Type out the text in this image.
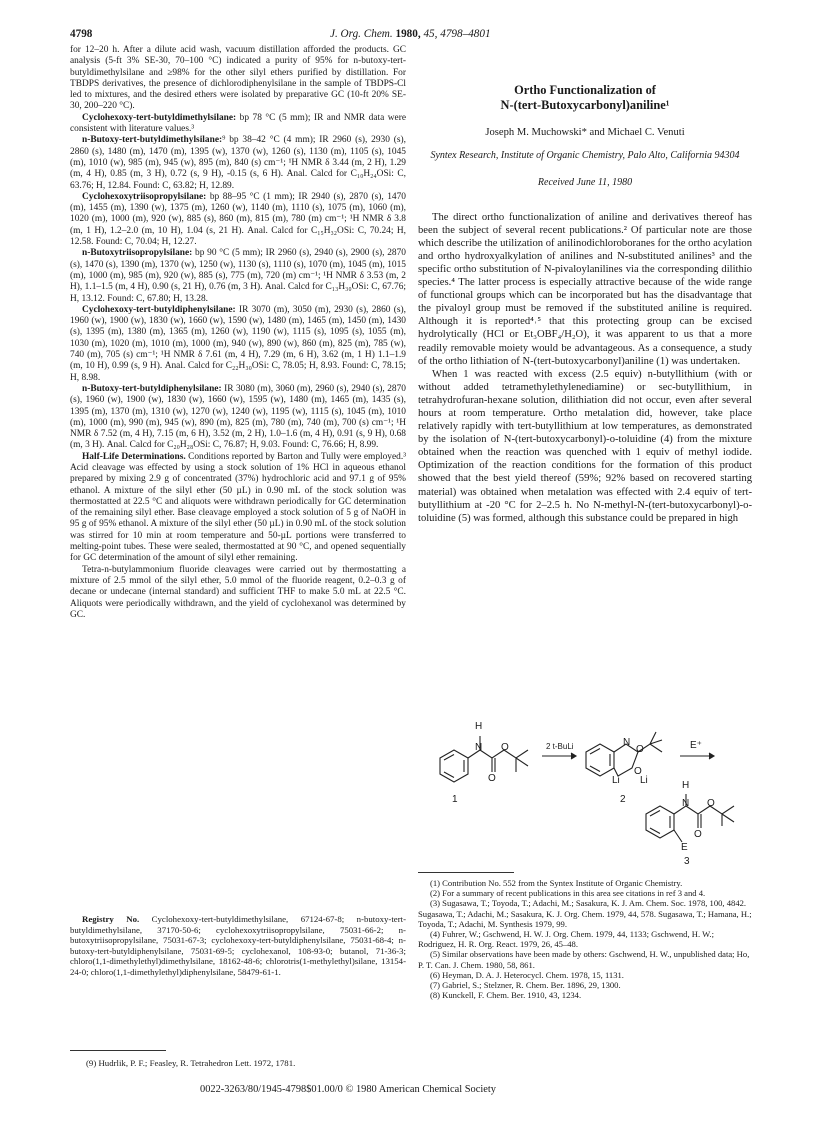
4798	J. Org. Chem. 1980, 45, 4798–4801

for 12–20 h. After a dilute acid wash, vacuum distillation afforded the products. GC analysis (5-ft 3% SE-30, 70–100 °C) indicated a purity of 95% for n-butoxy-tert-butyldimethylsilane and ≥98% for the other silyl ethers purified by distillation. For TBDPS derivatives, the presence of dichlorodiphenylsilane in the sample of TBDPS-Cl led to mixtures, and the desired ethers were isolated by preparative GC (10-ft 20% SE-30, 200–220 °C).

Cyclohexoxy-tert-butyldimethylsilane: bp 78 °C (5 mm); IR and NMR data were consistent with literature values.³

n-Butoxy-tert-butyldimethylsilane:⁹ bp 38–42 °C (4 mm); IR 2960 (s), 2930 (s), 2860 (s), 1480 (m), 1470 (m), 1395 (w), 1370 (w), 1260 (s), 1130 (m), 1105 (s), 1045 (m), 1010 (w), 985 (m), 945 (w), 895 (m), 840 (s) cm⁻¹; ¹H NMR δ 3.44 (m, 2 H), 1.29 (m, 4 H), 0.85 (m, 3 H), 0.72 (s, 9 H), -0.15 (s, 6 H). Anal. Calcd for C₁₀H₂₄OSi: C, 63.76; H, 12.84. Found: C, 63.82; H, 12.89.

Cyclohexoxytriisopropylsilane: bp 88–95 °C (1 mm); IR 2940 (s), 2870 (s), 1470 (m), 1455 (m), 1390 (w), 1375 (m), 1260 (w), 1140 (m), 1110 (s), 1075 (m), 1060 (m), 1020 (m), 1000 (m), 920 (w), 885 (s), 860 (m), 815 (m), 780 (m) cm⁻¹; ¹H NMR δ 3.8 (m, 1 H), 1.2–2.0 (m, 10 H), 1.04 (s, 21 H). Anal. Calcd for C₁₅H₃₂OSi: C, 70.24; H, 12.58. Found: C, 70.04; H, 12.27.

n-Butoxytriisopropylsilane: bp 90 °C (5 mm); IR 2960 (s), 2940 (s), 2900 (s), 2870 (s), 1470 (s), 1390 (m), 1370 (w), 1250 (w), 1130 (s), 1110 (s), 1070 (m), 1045 (m), 1015 (m), 1000 (m), 985 (m), 920 (w), 885 (s), 775 (m), 720 (m) cm⁻¹; ¹H NMR δ 3.53 (m, 2 H), 1.1–1.5 (m, 4 H), 0.90 (s, 21 H), 0.76 (m, 3 H). Anal. Calcd for C₁₃H₃₀OSi: C, 67.76; H, 13.12. Found: C, 67.80; H, 13.28.

Cyclohexoxy-tert-butyldiphenylsilane: IR 3070 (m), 3050 (m), 2930 (s), 2860 (s), 1960 (w), 1900 (w), 1830 (w), 1660 (w), 1590 (w), 1480 (m), 1465 (m), 1450 (m), 1430 (s), 1395 (m), 1380 (m), 1365 (m), 1260 (w), 1190 (w), 1115 (s), 1095 (s), 1055 (m), 1030 (m), 1020 (m), 1010 (m), 1000 (m), 940 (w), 890 (w), 860 (m), 825 (m), 785 (w), 740 (m), 705 (s) cm⁻¹; ¹H NMR δ 7.61 (m, 4 H), 7.29 (m, 6 H), 3.62 (m, 1 H) 1.1–1.9 (m, 10 H), 0.99 (s, 9 H). Anal. Calcd for C₂₂H₃₀OSi: C, 78.05; H, 8.93. Found: C, 78.15; H, 8.98.

n-Butoxy-tert-butyldiphenylsilane: IR 3080 (m), 3060 (m), 2960 (s), 2940 (s), 2870 (s), 1960 (w), 1900 (w), 1830 (w), 1660 (w), 1595 (w), 1480 (m), 1465 (m), 1435 (s), 1395 (m), 1370 (m), 1310 (w), 1270 (w), 1240 (w), 1195 (w), 1115 (s), 1045 (m), 1010 (m), 1000 (m), 990 (m), 945 (w), 890 (m), 825 (m), 780 (m), 740 (m), 700 (s) cm⁻¹; ¹H NMR δ 7.52 (m, 4 H), 7.15 (m, 6 H), 3.52 (m, 2 H), 1.0–1.6 (m, 4 H), 0.91 (s, 9 H), 0.68 (m, 3 H). Anal. Calcd for C₂₀H₂₈OSi: C, 76.87; H, 9.03. Found: C, 76.66; H, 8.99.

Half-Life Determinations. Conditions reported by Barton and Tully were employed.³ Acid cleavage was effected by using a stock solution of 1% HCl in aqueous ethanol prepared by mixing 2.9 g of concentrated (37%) hydrochloric acid and 97.1 g of 95% ethanol. A mixture of the silyl ether (50 µL) in 0.90 mL of the stock solution was thermostatted at 22.5 °C and aliquots were withdrawn periodically for GC determination of the remaining silyl ether. Base cleavage employed a stock solution of 5 g of NaOH in 95 g of 95% ethanol. A mixture of the silyl ether (50 µL) in 0.90 mL of the stock solution was stirred for 10 min at room temperature and 50-µL portions were transferred to melting-point tubes. These were sealed, thermostatted at 90 °C, and opened sequentially for GC determination of the amount of silyl ether remaining.

Tetra-n-butylammonium fluoride cleavages were carried out by thermostatting a mixture of 2.5 mmol of the silyl ether, 5.0 mmol of the fluoride reagent, 0.2–0.3 g of decane or undecane (internal standard) and sufficient THF to make 5.0 mL at 22.5 °C. Aliquots were periodically withdrawn, and the yield of cyclohexanol was determined by GC.

Registry No. Cyclohexoxy-tert-butyldimethylsilane, 67124-67-8; n-butoxy-tert-butyldimethylsilane, 37170-50-6; cyclohexoxytriisopropylsilane, 75031-66-2; n-butoxytriisopropylsilane, 75031-67-3; cyclohexoxy-tert-butyldiphenylsilane, 75031-68-4; n-butoxy-tert-butyldiphenylsilane, 75031-69-5; cyclohexanol, 108-93-0; butanol, 71-36-3; chloro(1,1-dimethylethyl)dimethylsilane, 18162-48-6; chlorotris(1-methylethyl)silane, 13154-24-0; chloro(1,1-dimethylethyl)diphenylsilane, 58479-61-1.

(9) Hudrlik, P. F.; Feasley, R. Tetrahedron Lett. 1972, 1781.
Ortho Functionalization of
N-(tert-Butoxycarbonyl)aniline¹
Joseph M. Muchowski* and Michael C. Venuti
Syntex Research, Institute of Organic Chemistry, Palo Alto, California 94304
Received June 11, 1980

The direct ortho functionalization of aniline and derivatives thereof has been the subject of several recent publications.² Of particular note are those which describe the utilization of anilinodichloroboranes for the ortho acylation and ortho hydroxyalkylation of anilines and N-substituted anilines³ and the specific ortho substitution of N-pivaloylanilines via the corresponding dilithio species.⁴ The latter process is especially attractive because of the wide range of functional groups which can be incorporated but has the disadvantage that the pivaloyl group must be removed if the substituted aniline is required. Although it is reported⁴˒⁵ that this protecting group can be excised hydrolytically (HCl or Et₃OBF₄/H₂O), it was apparent to us that a more readily removable moiety would be advantageous. As a consequence, a study of the ortho lithiation of N-(tert-butoxycarbonyl)aniline (1) was undertaken.

When 1 was reacted with excess (2.5 equiv) n-butyllithium (with or without added tetramethylethylenediamine) or sec-butyllithium, in tetrahydrofuran-hexane solution, dilithiation did not occur, even after several hours at room temperature. Ortho metalation did, however, take place relatively rapidly with tert-butyllithium at low temperatures, as demonstrated by the isolation of N-(tert-butoxycarbonyl)-o-toluidine (4) from the mixture obtained when the reaction was quenched with 1 equiv of methyl iodide. Optimization of the reaction conditions for the formation of this product showed that the best yield thereof (59%; 92% based on recovered starting material) was obtained when metalation was effected with 2.4 equiv of tert-butyllithium at -20 °C for 2–2.5 h. No N-methyl-N-(tert-butoxycarbonyl)-o-toluidine (5) was formed, although this substance could be prepared in high

H
N
O
O	N
O
O
Li Li	H
N
O
O
E
2 t-BuLi	E⁺
1	2
3

(1) Contribution No. 552 from the Syntex Institute of Organic Chemistry.

(2) For a summary of recent publications in this area see citations in ref 3 and 4.

(3) Sugasawa, T.; Toyoda, T.; Adachi, M.; Sasakura, K. J. Am. Chem. Soc. 1978, 100, 4842. Sugasawa, T.; Adachi, M.; Sasakura, K. J. Org. Chem. 1979, 44, 578. Sugasawa, T.; Hamana, H.; Toyoda, T.; Adachi, M. Synthesis 1979, 99.

(4) Fuhrer, W.; Gschwend, H. W. J. Org. Chem. 1979, 44, 1133; Gschwend, H. W.; Rodriguez, H. R. Org. React. 1979, 26, 45–48.

(5) Similar observations have been made by others: Gschwend, H. W., unpublished data; Ho, P. T. Can. J. Chem. 1980, 58, 861.

(6) Heyman, D. A. J. Heterocycl. Chem. 1978, 15, 1131.

(7) Gabriel, S.; Stelzner, R. Chem. Ber. 1896, 29, 1300.

(8) Kunckell, F. Chem. Ber. 1910, 43, 1234.

0022-3263/80/1945-4798$01.00/0 © 1980 American Chemical Society
